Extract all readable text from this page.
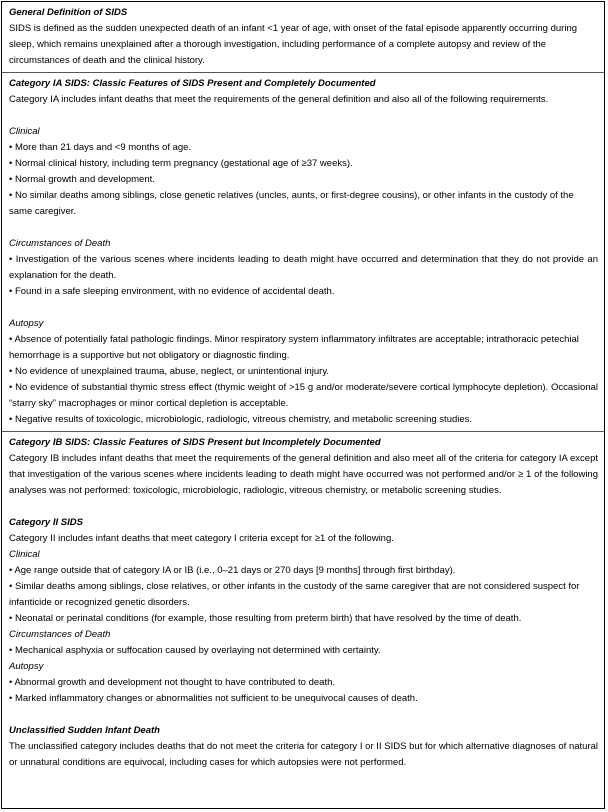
General Definition of SIDS

SIDS is defined as the sudden unexpected death of an infant <1 year of age, with onset of the fatal episode apparently occurring during sleep, which remains unexplained after a thorough investigation, including performance of a complete autopsy and review of the circumstances of death and the clinical history.

Category IA SIDS: Classic Features of SIDS Present and Completely Documented

Category IA includes infant deaths that meet the requirements of the general definition and also all of the following requirements.

Clinical

• More than 21 days and <9 months of age.

• Normal clinical history, including term pregnancy (gestational age of ≥37 weeks).

• Normal growth and development.

• No similar deaths among siblings, close genetic relatives (uncles, aunts, or first-degree cousins), or other infants in the custody of the same caregiver.

Circumstances of Death

• Investigation of the various scenes where incidents leading to death might have occurred and determination that they do not provide an explanation for the death.

• Found in a safe sleeping environment, with no evidence of accidental death.

Autopsy

• Absence of potentially fatal pathologic findings. Minor respiratory system inflammatory infiltrates are acceptable; intrathoracic petechial hemorrhage is a supportive but not obligatory or diagnostic finding.

• No evidence of unexplained trauma, abuse, neglect, or unintentional injury.

• No evidence of substantial thymic stress effect (thymic weight of >15 g and/or moderate/severe cortical lymphocyte depletion). Occasional “starry sky” macrophages or minor cortical depletion is acceptable.

• Negative results of toxicologic, microbiologic, radiologic, vitreous chemistry, and metabolic screening studies.

Category IB SIDS: Classic Features of SIDS Present but Incompletely Documented

Category IB includes infant deaths that meet the requirements of the general definition and also meet all of the criteria for category IA except that investigation of the various scenes where incidents leading to death might have occurred was not performed and/or ≥ 1 of the following analyses was not performed: toxicologic, microbiologic, radiologic, vitreous chemistry, or metabolic screening studies.

Category II SIDS

Category II includes infant deaths that meet category I criteria except for ≥1 of the following.

Clinical

• Age range outside that of category IA or IB (i.e., 0–21 days or 270 days [9 months] through first birthday).

• Similar deaths among siblings, close relatives, or other infants in the custody of the same caregiver that are not considered suspect for infanticide or recognized genetic disorders.

• Neonatal or perinatal conditions (for example, those resulting from preterm birth) that have resolved by the time of death.

Circumstances of Death

• Mechanical asphyxia or suffocation caused by overlaying not determined with certainty.

Autopsy

• Abnormal growth and development not thought to have contributed to death.

• Marked inflammatory changes or abnormalities not sufficient to be unequivocal causes of death.

Unclassified Sudden Infant Death

The unclassified category includes deaths that do not meet the criteria for category I or II SIDS but for which alternative diagnoses of natural or unnatural conditions are equivocal, including cases for which autopsies were not performed.
